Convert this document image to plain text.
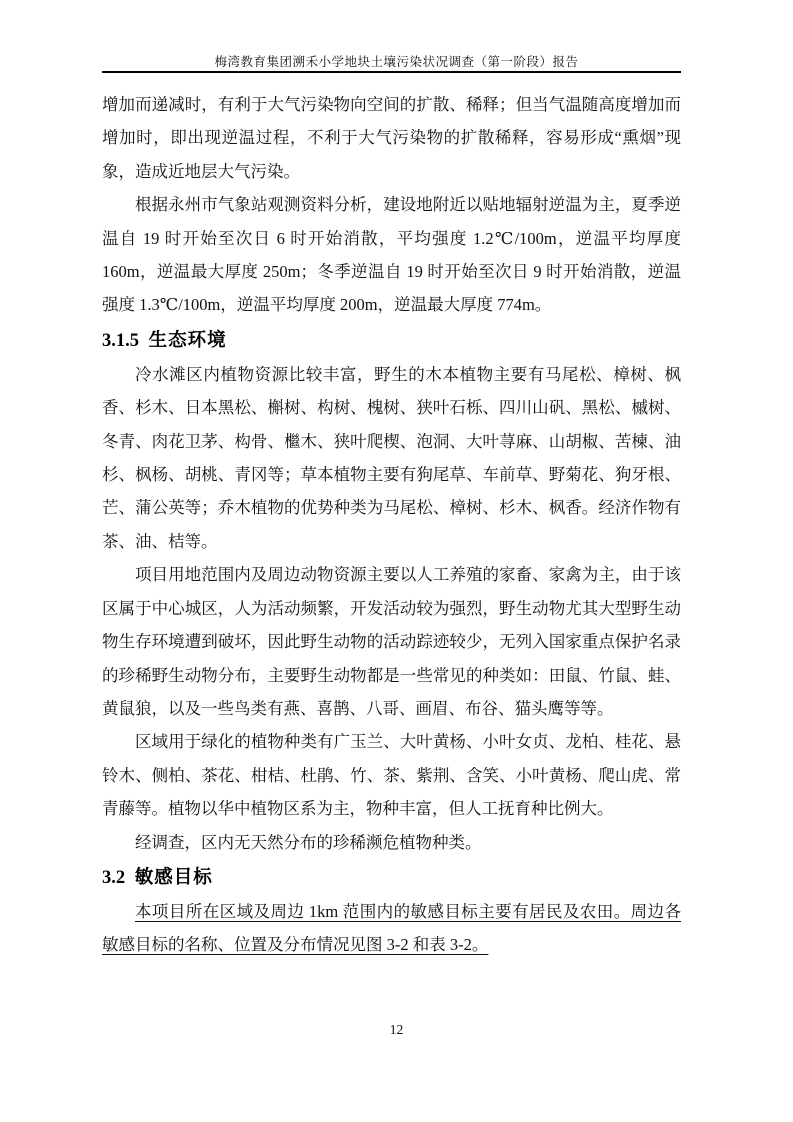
梅湾教育集团溯禾小学地块土壤污染状况调查（第一阶段）报告

增加而递减时，有利于大气污染物向空间的扩散、稀释；但当气温随高度增加而增加时，即出现逆温过程，不利于大气污染物的扩散稀释，容易形成“熏烟”现象，造成近地层大气污染。

根据永州市气象站观测资料分析，建设地附近以贴地辐射逆温为主，夏季逆温自 19 时开始至次日 6 时开始消散，平均强度 1.2℃/100m，逆温平均厚度 160m，逆温最大厚度 250m；冬季逆温自 19 时开始至次日 9 时开始消散，逆温强度 1.3℃/100m，逆温平均厚度 200m，逆温最大厚度 774m。

3.1.5 生态环境

冷水滩区内植物资源比较丰富，野生的木本植物主要有马尾松、樟树、枫香、杉木、日本黑松、槲树、构树、槐树、狭叶石栎、四川山矾、黑松、槭树、冬青、肉花卫茅、构骨、檵木、狭叶爬楔、泡洞、大叶荨麻、山胡椒、苦楝、油杉、枫杨、胡桃、青冈等；草本植物主要有狗尾草、车前草、野菊花、狗牙根、芒、蒲公英等；乔木植物的优势种类为马尾松、樟树、杉木、枫香。经济作物有茶、油、桔等。

项目用地范围内及周边动物资源主要以人工养殖的家畜、家禽为主，由于该区属于中心城区，人为活动频繁，开发活动较为强烈，野生动物尤其大型野生动物生存环境遭到破坏，因此野生动物的活动踪迹较少，无列入国家重点保护名录的珍稀野生动物分布，主要野生动物都是一些常见的种类如：田鼠、竹鼠、蛙、黄鼠狼，以及一些鸟类有燕、喜鹊、八哥、画眉、布谷、猫头鹰等等。

区域用于绿化的植物种类有广玉兰、大叶黄杨、小叶女贞、龙柏、桂花、悬铃木、侧柏、茶花、柑桔、杜鹃、竹、茶、紫荆、含笑、小叶黄杨、爬山虎、常青藤等。植物以华中植物区系为主，物种丰富，但人工抚育种比例大。

经调查，区内无天然分布的珍稀濒危植物种类。

3.2 敏感目标

本项目所在区域及周边 1km 范围内的敏感目标主要有居民及农田。周边各敏感目标的名称、位置及分布情况见图 3-2 和表 3-2。

12
